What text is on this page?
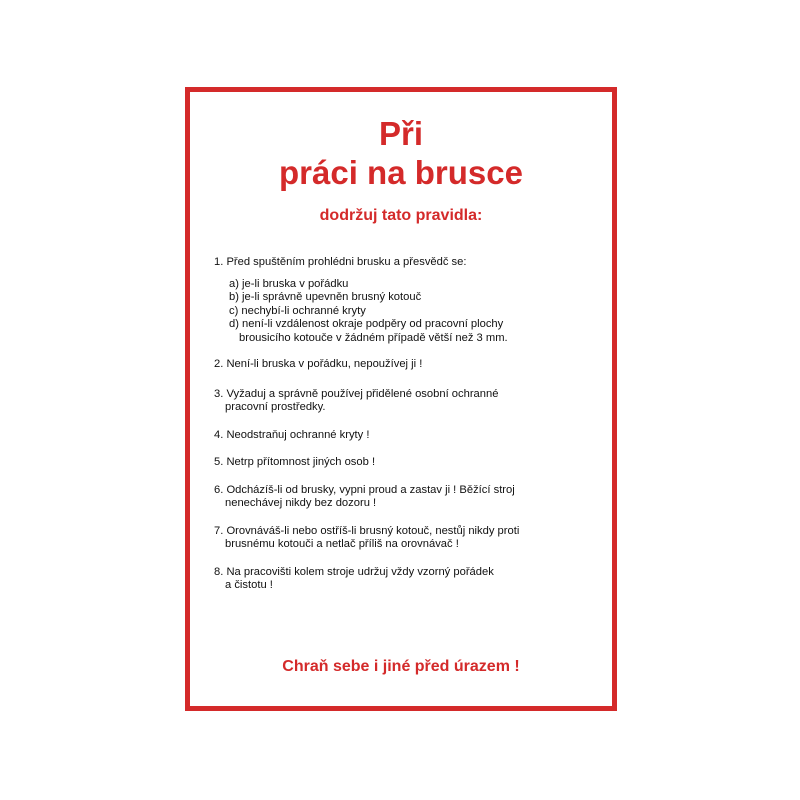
Při
práci na brusce
dodržuj tato pravidla:
1. Před spuštěním prohlédni brusku a přesvědč se:
a) je-li bruska v pořádku
b) je-li správně upevněn brusný kotouč
c) nechybí-li ochranné kryty
d) není-li vzdálenost okraje podpěry od pracovní plochy
brousicího kotouče v žádném případě větší než 3 mm.
2. Není-li bruska v pořádku, nepoužívej ji !
3. Vyžaduj a správně používej přidělené osobní ochranné
pracovní prostředky.
4. Neodstraňuj ochranné kryty !
5. Netrp přítomnost jiných osob !
6. Odcházíš-li od brusky, vypni proud a zastav ji ! Běžící stroj
nenechávej nikdy bez dozoru !
7. Orovnáváš-li nebo ostříš-li brusný kotouč, nestůj nikdy proti
brusnému kotouči a netlač příliš na orovnávač !
8. Na pracovišti kolem stroje udržuj vždy vzorný pořádek
a čistotu !
Chraň sebe i jiné před úrazem !
